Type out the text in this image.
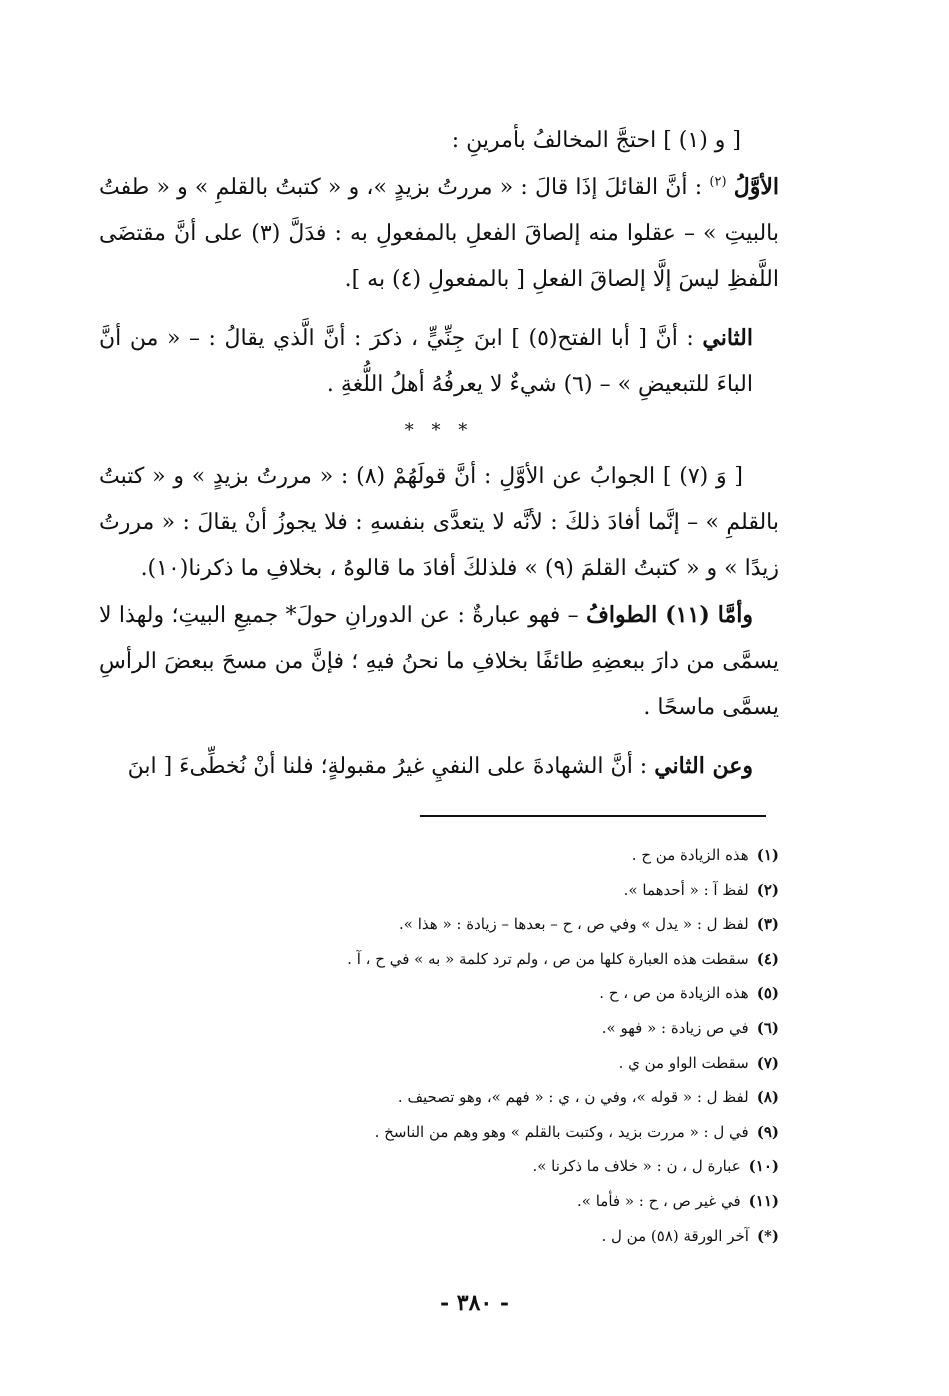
[ و (١) ] احتجَّ المخالفُ بأمرينِ :

الأوَّلُ $^{(٢)}$ : أنَّ القائلَ إذَا قالَ : « مررتُ بزيدٍ »، و « كتبتُ بالقلمِ » و « طفتُ بالبيتِ » – عقلوا منه إلصاقَ الفعلِ بالمفعولِ به : فدَلَّ (٣) على أنَّ مقتضَى اللَّفظِ ليسَ إلَّا إلصاقَ الفعلِ [ بالمفعولِ (٤) به ].

الثاني : أنَّ [ أبا الفتح(٥) ] ابنَ جِنِّيٍّ ، ذكرَ : أنَّ الَّذي يقالُ : – « من أنَّ الباءَ للتبعيضِ » – (٦) شيءٌ لا يعرفُهُ أهلُ اللُّغةِ .

* * *

[ وَ (٧) ] الجوابُ عن الأوَّلِ : أنَّ قولَهُمْ (٨) : « مررتُ بزيدٍ » و « كتبتُ بالقلمِ » – إنَّما أفادَ ذلكَ : لأنَّه لا يتعدَّى بنفسهِ : فلا يجوزُ أنْ يقالَ : « مررتُ زيدًا » و « كتبتُ القلمَ (٩) » فلذلكَ أفادَ ما قالوهُ ، بخلافِ ما ذكرنا(١٠).

وأمَّا (١١) الطوافُ – فهو عبارةٌ : عن الدورانِ حولَ* جميعِ البيتِ؛ ولهذا لا يسمَّى من دارَ ببعضِهِ طائفًا بخلافِ ما نحنُ فيهِ ؛ فإنَّ من مسحَ ببعضَ الرأسِ يسمَّى ماسحًا .

وعن الثاني : أنَّ الشهادةَ على النفيِ غيرُ مقبولةٍ؛ فلنا أنْ نُخطِّىءَ [ ابنَ

(١)هذه الزيادة من ح .
(٢)لفظ آ : « أحدهما ».
(٣)لفظ ل : « يدل » وفي ص ، ح – بعدها – زيادة : « هذا ».
(٤)سقطت هذه العبارة كلها من ص ، ولم ترد كلمة « به » في ح ، آ .
(٥)هذه الزيادة من ص ، ح .
(٦)في ص زيادة : « فهو ».
(٧)سقطت الواو من ي .
(٨)لفظ ل : « قوله »، وفي ن ، ي : « فهم »، وهو تصحيف .
(٩)في ل : « مررت بزيد ، وكتبت بالقلم » وهو وهم من الناسخ .
(١٠)عبارة ل ، ن : « خلاف ما ذكرنا ».
(١١)في غير ص ، ح : « فأما ».
(*)آخر الورقة (٥٨) من ل .
- ٣٨٠ -
